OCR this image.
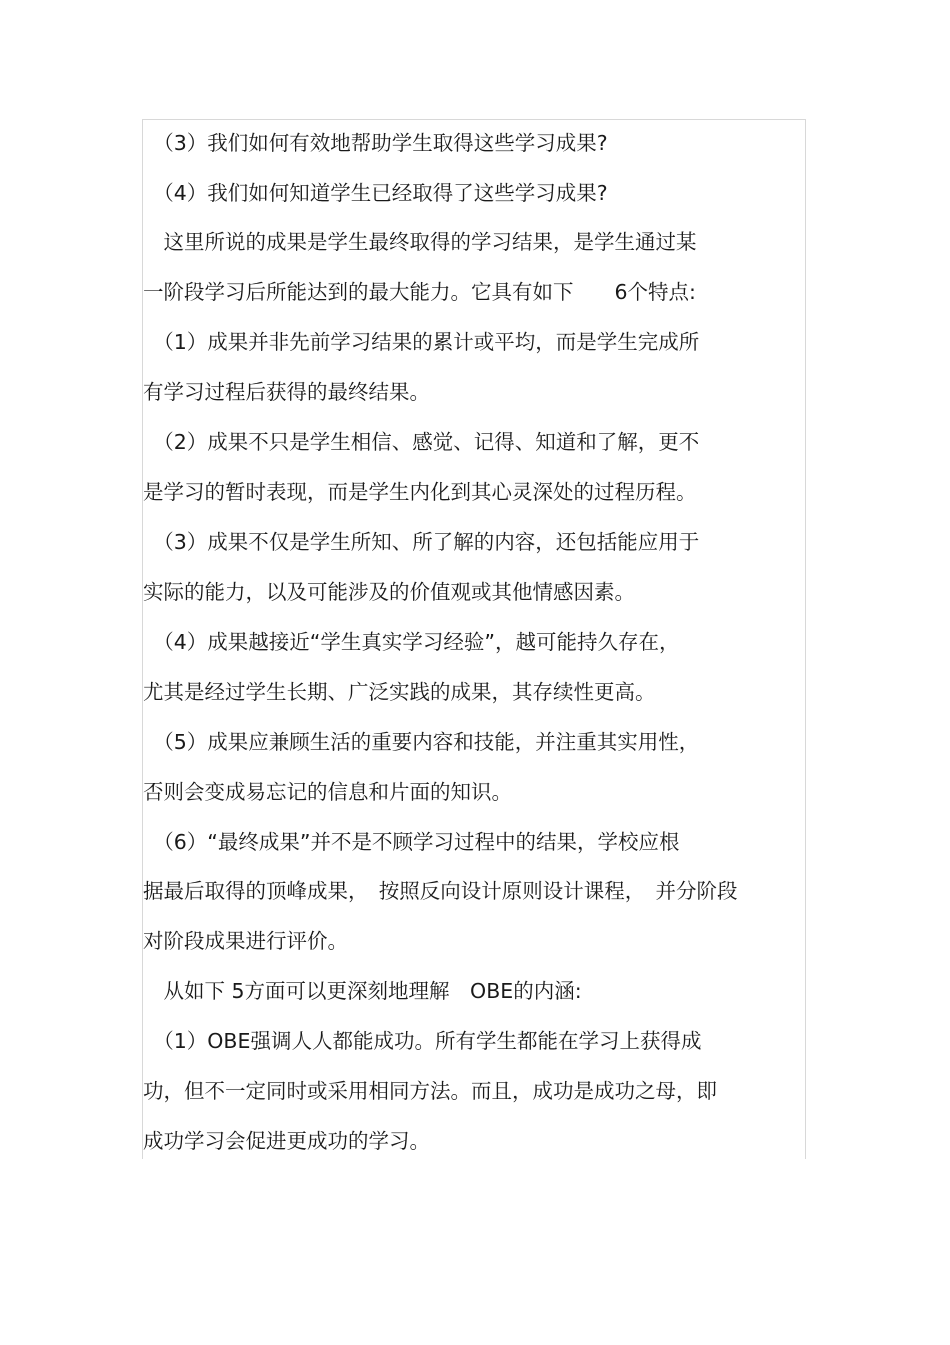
　（3）我们如何有效地帮助学生取得这些学习成果?
　（4）我们如何知道学生已经取得了这些学习成果?
　这里所说的成果是学生最终取得的学习结果，是学生通过某
一阶段学习后所能达到的最大能力。它具有如下　　6个特点:
　（1）成果并非先前学习结果的累计或平均，而是学生完成所
有学习过程后获得的最终结果。
　（2）成果不只是学生相信、感觉、记得、知道和了解，更不
是学习的暂时表现，而是学生内化到其心灵深处的过程历程。
　（3）成果不仅是学生所知、所了解的内容，还包括能应用于
实际的能力，以及可能涉及的价值观或其他情感因素。
　（4）成果越接近“学生真实学习经验”，越可能持久存在，
尤其是经过学生长期、广泛实践的成果，其存续性更高。
　（5）成果应兼顾生活的重要内容和技能，并注重其实用性，
否则会变成易忘记的信息和片面的知识。
　（6）“最终成果”并不是不顾学习过程中的结果，学校应根
据最后取得的顶峰成果，　按照反向设计原则设计课程，　并分阶段
对阶段成果进行评价。
　从如下 5方面可以更深刻地理解　OBE的内涵:
　（1）OBE强调人人都能成功。所有学生都能在学习上获得成
功，但不一定同时或采用相同方法。而且，成功是成功之母，即
成功学习会促进更成功的学习。
